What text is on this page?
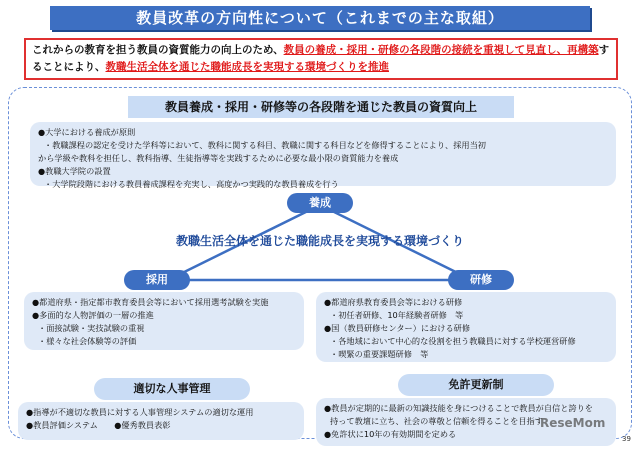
教員改革の方向性について（これまでの主な取組）
これからの教育を担う教員の資質能力の向上のため、教員の養成・採用・研修の各段階の接続を重視して見直し、再構築することにより、教職生活全体を通じた職能成長を実現する環境づくりを推進
教員養成・採用・研修等の各段階を通じた教員の資質向上
●大学における養成が原則
・教職課程の認定を受けた学科等において、教科に関する科目、教職に関する科目などを修得することにより、採用当初
から学級や教科を担任し、教科指導、生徒指導等を実践するために必要な最小限の資質能力を養成
●教職大学院の設置
・大学院段階における教員養成課程を充実し、高度かつ実践的な教員養成を行う
養成
採用	研修
教職生活全体を通じた職能成長を実現する環境づくり
●都道府県・指定都市教育委員会等において採用選考試験を実施
●多面的な人物評価の一層の推進
・面接試験・実技試験の重視
・様々な社会体験等の評価
●都道府県教育委員会等における研修
・初任者研修、10年経験者研修　等
●国（教員研修センター）における研修
・各地域において中心的な役割を担う教職員に対する学校運営研修
・喫緊の重要課題研修　等
適切な人事管理
●指導が不適切な教員に対する人事管理システムの適切な運用
●教員評価システム　　●優秀教員表彰
免許更新制
●教員が定期的に最新の知識技能を身につけることで教員が自信と誇りを
持って教壇に立ち、社会の尊敬と信頼を得ることを目指す
●免許状に10年の有効期間を定める
ReseMom
39
